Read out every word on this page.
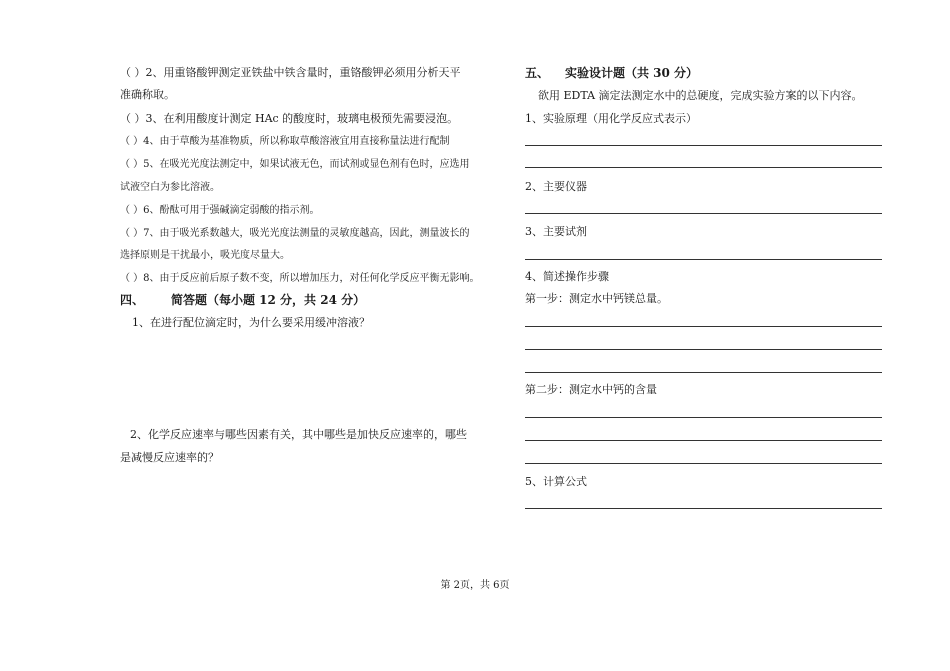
（ ）2、用重铬酸钾测定亚铁盐中铁含量时，重铬酸钾必须用分析天平
准确称取。
（ ）3、在利用酸度计测定 HAc 的酸度时，玻璃电极预先需要浸泡。
（ ）4、由于草酸为基准物质，所以称取草酸溶液宜用直接称量法进行配制
（ ）5、在吸光光度法测定中，如果试液无色，而试剂或显色剂有色时，应选用
试液空白为参比溶液。
（ ）6、酚酞可用于强碱滴定弱酸的指示剂。
（ ）7、由于吸光系数越大，吸光光度法测量的灵敏度越高，因此，测量波长的
选择原则是干扰最小，吸光度尽量大。
（ ）8、由于反应前后原子数不变，所以增加压力，对任何化学反应平衡无影响。
四、 简答题（每小题 12 分，共 24 分）
1、在进行配位滴定时，为什么要采用缓冲溶液？
2、化学反应速率与哪些因素有关，其中哪些是加快反应速率的，哪些
是减慢反应速率的？
五、 实验设计题（共 30 分）
欲用 EDTA 滴定法测定水中的总硬度，完成实验方案的以下内容。
1、实验原理（用化学反应式表示）
2、主要仪器
3、主要试剂
4、简述操作步骤
第一步：测定水中钙镁总量。
第二步：测定水中钙的含量
5、计算公式
第 2页，共 6页
